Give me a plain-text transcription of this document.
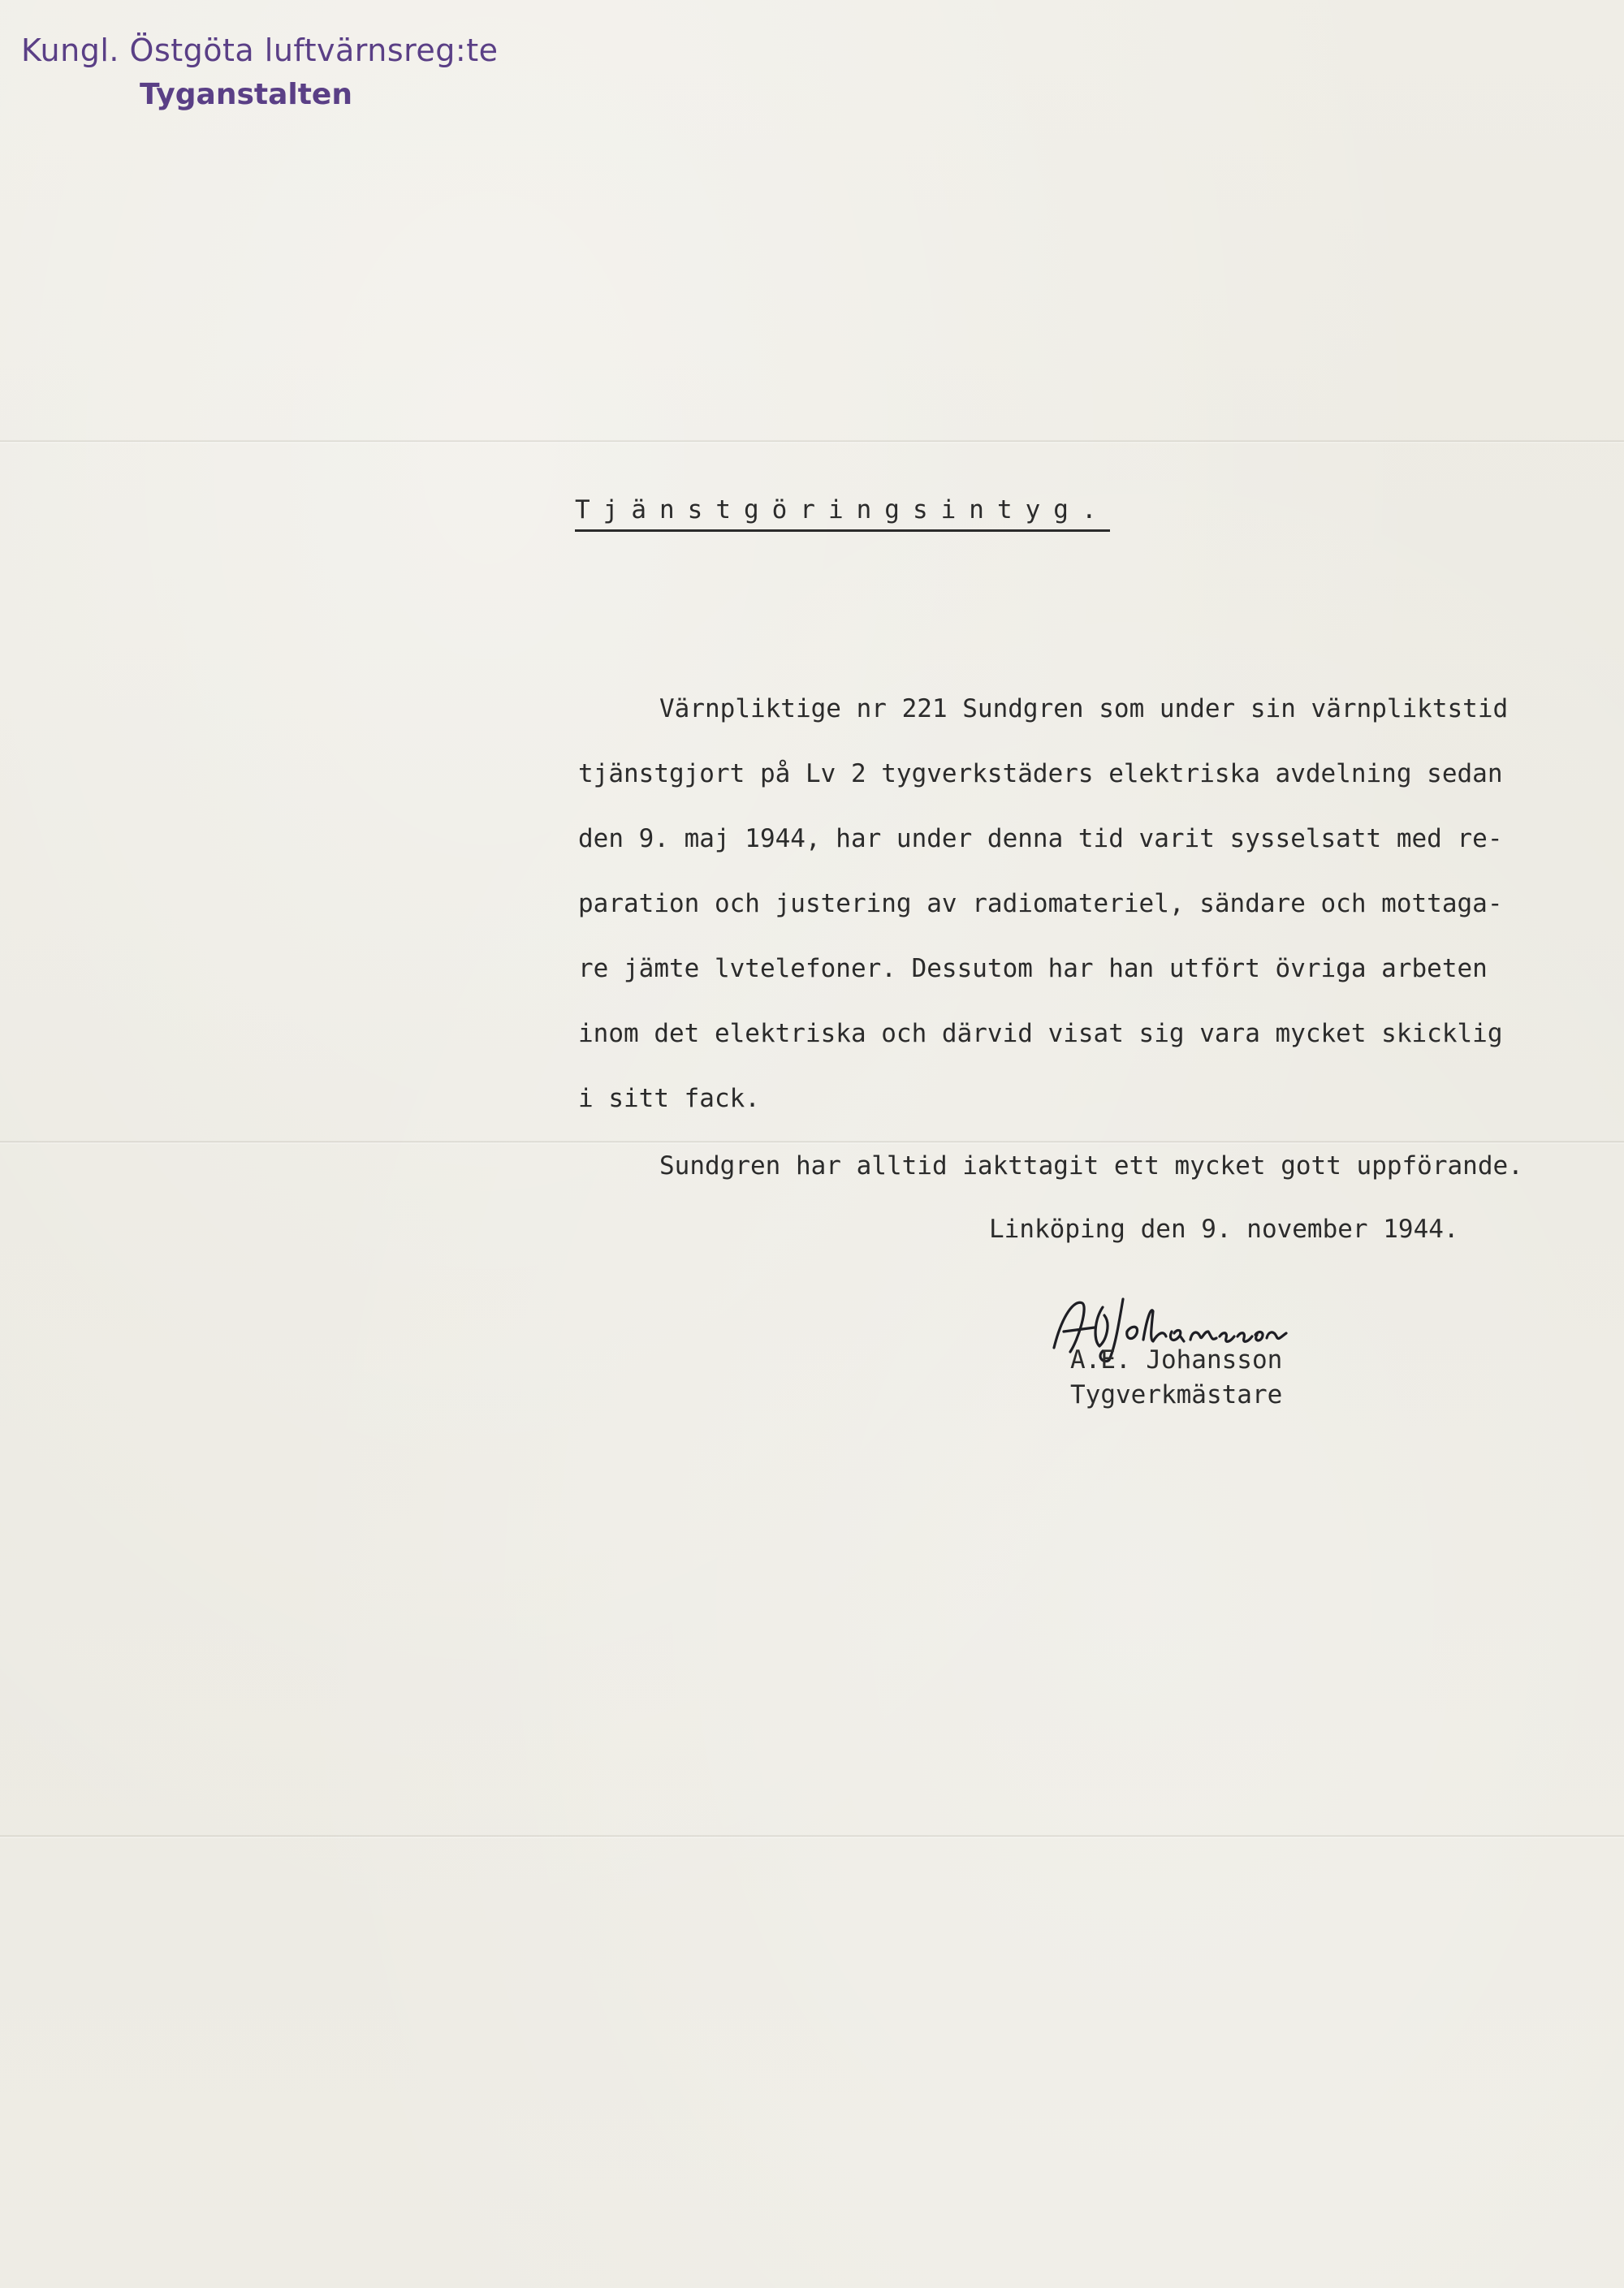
Kungl. Östgöta luftvärnsreg:te
Tyganstalten
Tjänstgöringsintyg.
Värnpliktige nr 221 Sundgren som under sin värnpliktstid
tjänstgjort på Lv 2 tygverkstäders elektriska avdelning sedan
den 9. maj 1944, har under denna tid varit sysselsatt med re-
paration och justering av radiomateriel, sändare och mottaga-
re jämte lvtelefoner. Dessutom har han utfört övriga arbeten
inom det elektriska och därvid visat sig vara mycket skicklig
i sitt fack.
Sundgren har alltid iakttagit ett mycket gott uppförande.
Linköping den 9. november 1944.
A.E. Johansson
Tygverkmästare
